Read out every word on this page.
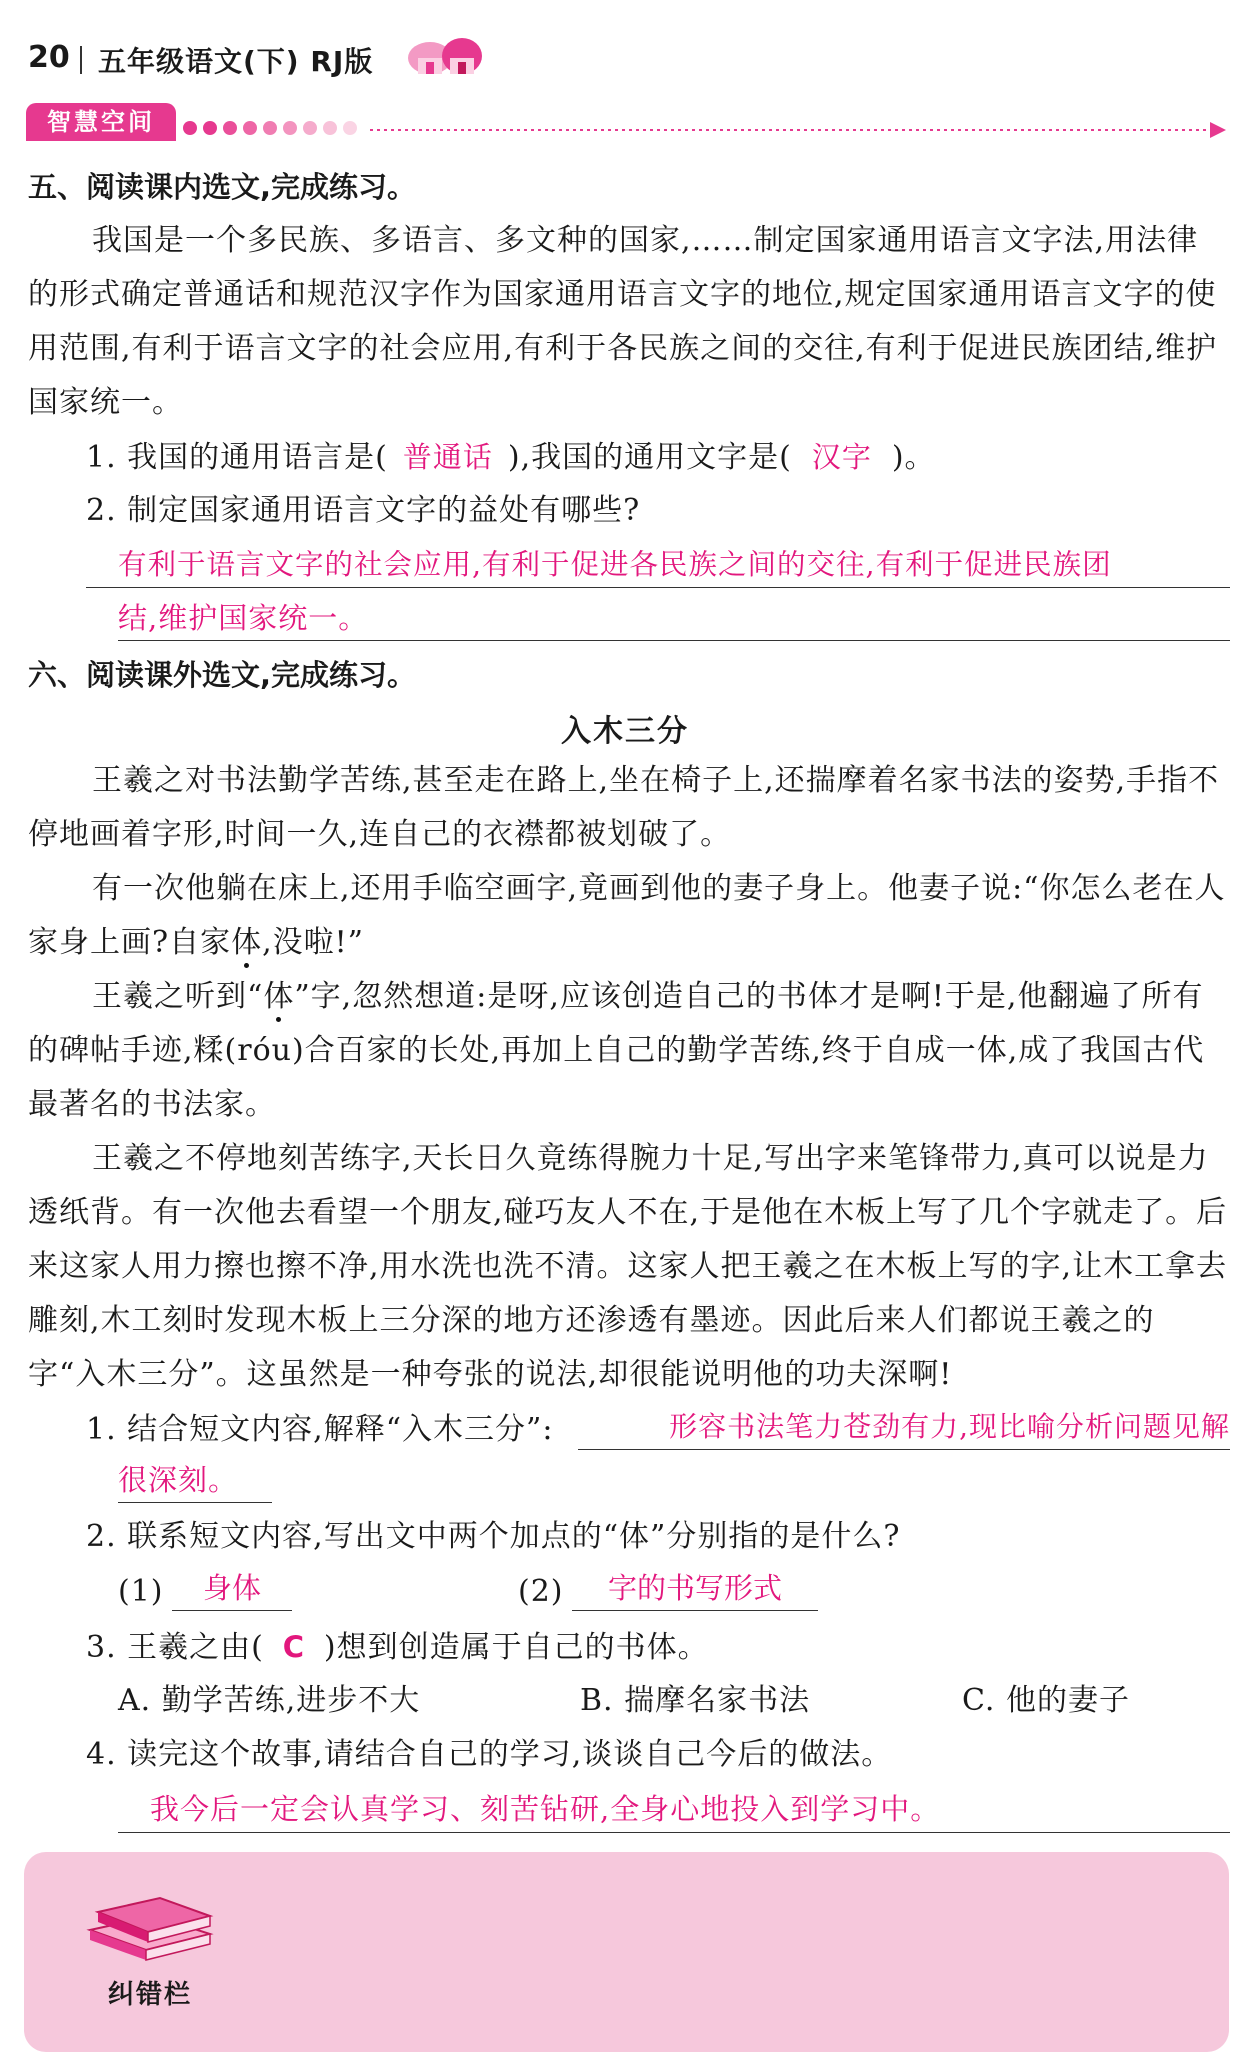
20 五年级语文(下) RJ版
智慧空间
五、阅读课内选文,完成练习。
我国是一个多民族、多语言、多文种的国家,……制定国家通用语言文字法,用法律的形式确定普通话和规范汉字作为国家通用语言文字的地位,规定国家通用语言文字的使用范围,有利于语言文字的社会应用,有利于各民族之间的交往,有利于促进民族团结,维护国家统一。
1. 我国的通用语言是( 普通话 ),我国的通用文字是( 汉字 )。
2. 制定国家通用语言文字的益处有哪些?
有利于语言文字的社会应用,有利于促进各民族之间的交往,有利于促进民族团
结,维护国家统一。
六、阅读课外选文,完成练习。
入木三分
王羲之对书法勤学苦练,甚至走在路上,坐在椅子上,还揣摩着名家书法的姿势,手指不停地画着字形,时间一久,连自己的衣襟都被划破了。
有一次他躺在床上,还用手临空画字,竟画到他的妻子身上。他妻子说:“你怎么老在人家身上画?自家体,没啦!”
王羲之听到“体”字,忽然想道:是呀,应该创造自己的书体才是啊!于是,他翻遍了所有的碑帖手迹,糅(róu)合百家的长处,再加上自己的勤学苦练,终于自成一体,成了我国古代最著名的书法家。
王羲之不停地刻苦练字,天长日久竟练得腕力十足,写出字来笔锋带力,真可以说是力透纸背。有一次他去看望一个朋友,碰巧友人不在,于是他在木板上写了几个字就走了。后来这家人用力擦也擦不净,用水洗也洗不清。这家人把王羲之在木板上写的字,让木工拿去雕刻,木工刻时发现木板上三分深的地方还渗透有墨迹。因此后来人们都说王羲之的字“入木三分”。这虽然是一种夸张的说法,却很能说明他的功夫深啊!
1. 结合短文内容,解释“入木三分”:	形容书法笔力苍劲有力,现比喻分析问题见解
很深刻。
2. 联系短文内容,写出文中两个加点的“体”分别指的是什么?
(1)	身体	(2)	字的书写形式
3. 王羲之由( C )想到创造属于自己的书体。
A. 勤学苦练,进步不大	B. 揣摩名家书法	C. 他的妻子
4. 读完这个故事,请结合自己的学习,谈谈自己今后的做法。
我今后一定会认真学习、刻苦钻研,全身心地投入到学习中。
纠错栏
